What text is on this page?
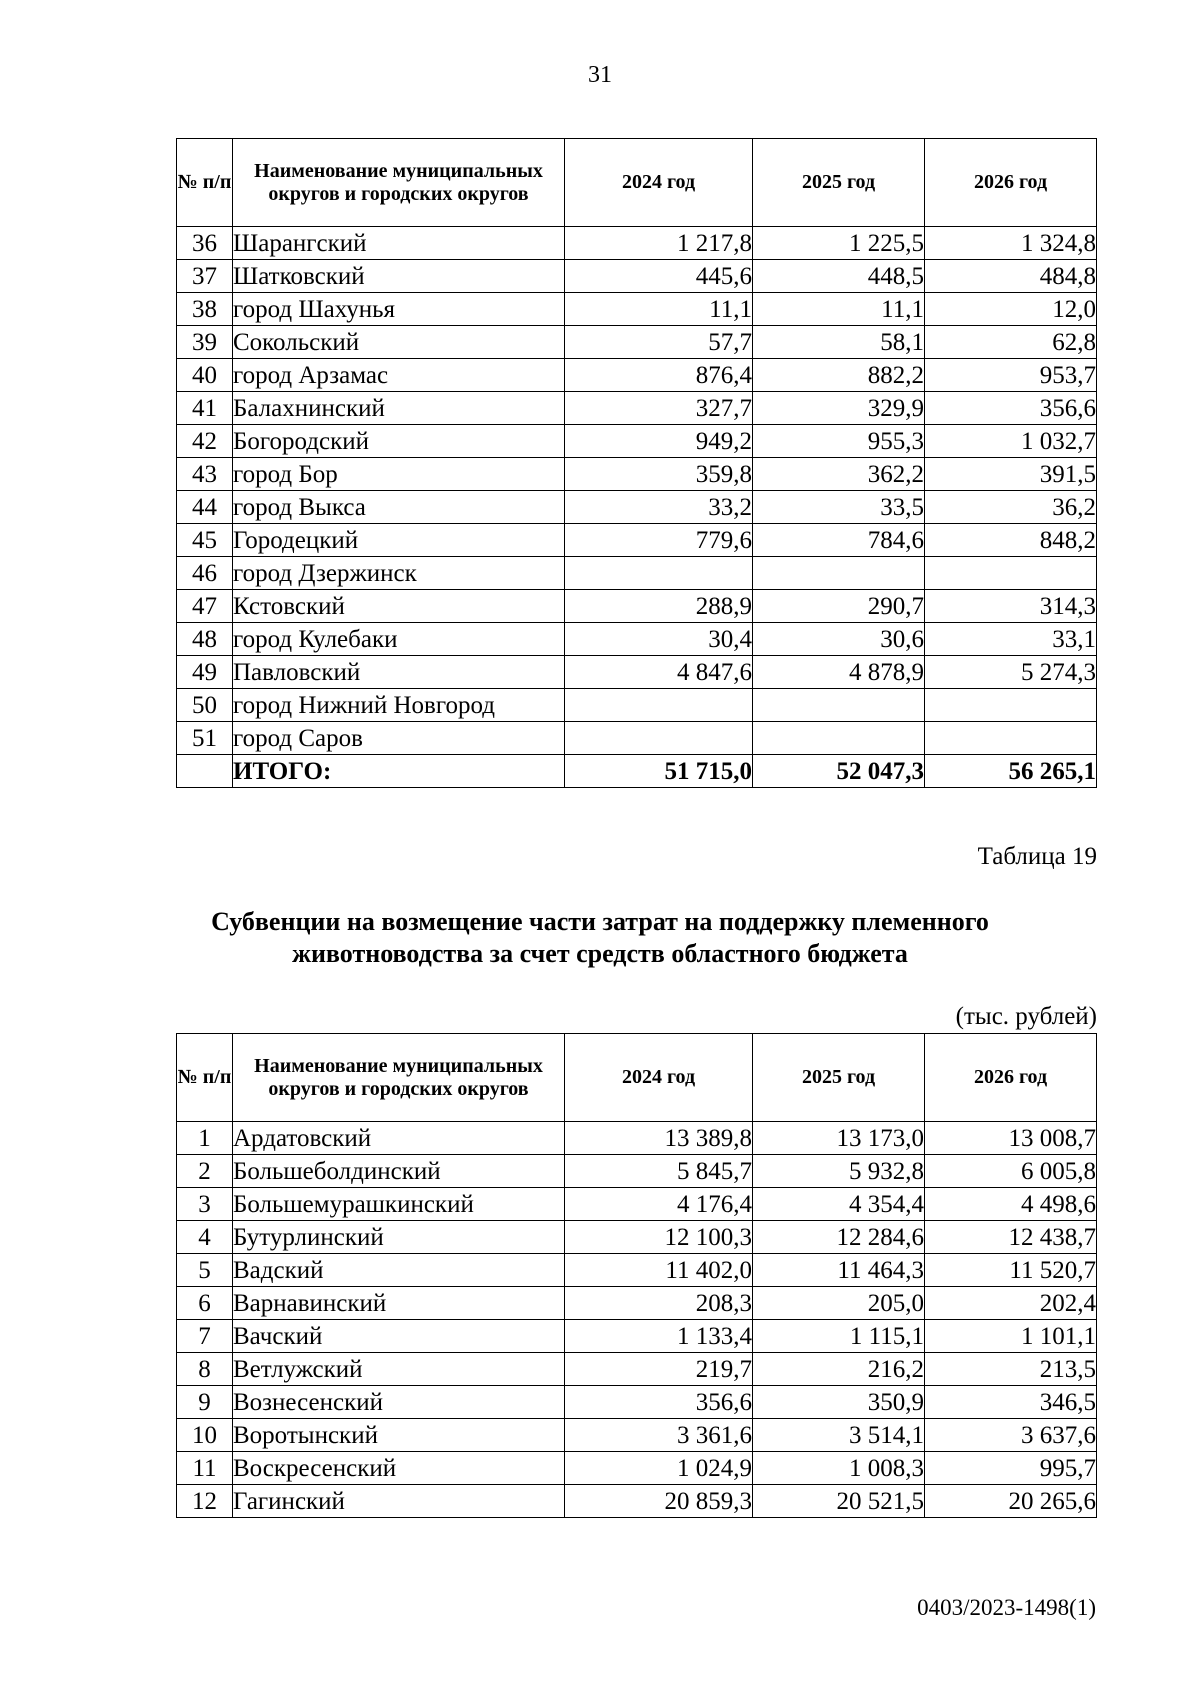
31
№ п/п	Наименование муниципальных округов и городских округов	2024 год	2025 год	2026 год
36	Шарангский	1 217,8	1 225,5	1 324,8
37	Шатковский	445,6	448,5	484,8
38	город Шахунья	11,1	11,1	12,0
39	Сокольский	57,7	58,1	62,8
40	город Арзамас	876,4	882,2	953,7
41	Балахнинский	327,7	329,9	356,6
42	Богородский	949,2	955,3	1 032,7
43	город Бор	359,8	362,2	391,5
44	город Выкса	33,2	33,5	36,2
45	Городецкий	779,6	784,6	848,2
46	город Дзержинск			
47	Кстовский	288,9	290,7	314,3
48	город Кулебаки	30,4	30,6	33,1
49	Павловский	4 847,6	4 878,9	5 274,3
50	город Нижний Новгород			
51	город Саров			
	ИТОГО:	51 715,0	52 047,3	56 265,1
Таблица 19
Субвенции на возмещение части затрат на поддержку племенного
животноводства за счет средств областного бюджета
(тыс. рублей)
№ п/п	Наименование муниципальных округов и городских округов	2024 год	2025 год	2026 год
1	Ардатовский	13 389,8	13 173,0	13 008,7
2	Большеболдинский	5 845,7	5 932,8	6 005,8
3	Большемурашкинский	4 176,4	4 354,4	4 498,6
4	Бутурлинский	12 100,3	12 284,6	12 438,7
5	Вадский	11 402,0	11 464,3	11 520,7
6	Варнавинский	208,3	205,0	202,4
7	Вачский	1 133,4	1 115,1	1 101,1
8	Ветлужский	219,7	216,2	213,5
9	Вознесенский	356,6	350,9	346,5
10	Воротынский	3 361,6	3 514,1	3 637,6
11	Воскресенский	1 024,9	1 008,3	995,7
12	Гагинский	20 859,3	20 521,5	20 265,6
0403/2023-1498(1)
